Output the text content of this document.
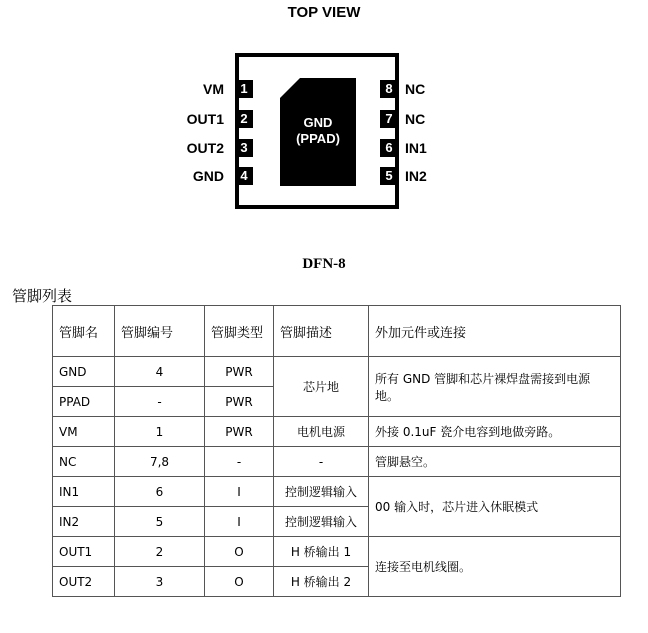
TOP VIEW
GND
(PPAD)
VM	1
OUT1	2
OUT2	3
GND	4
8 NC
7 NC
6 IN1
5 IN2
DFN-8
管脚列表
管脚名	管脚编号	管脚类型	管脚描述	外加元件或连接
GND	4	PWR	芯片地	所有 GND 管脚和芯片裸焊盘需接到电源地。
PPAD	-	PWR		
VM	1	PWR	电机电源	外接 0.1uF 瓷介电容到地做旁路。
NC	7,8	-	-	管脚悬空。
IN1	6	I	控制逻辑输入	00 输入时，芯片进入休眠模式
IN2	5	I	控制逻辑输入	
OUT1	2	O	H 桥输出 1	连接至电机线圈。
OUT2	3	O	H 桥输出 2	
